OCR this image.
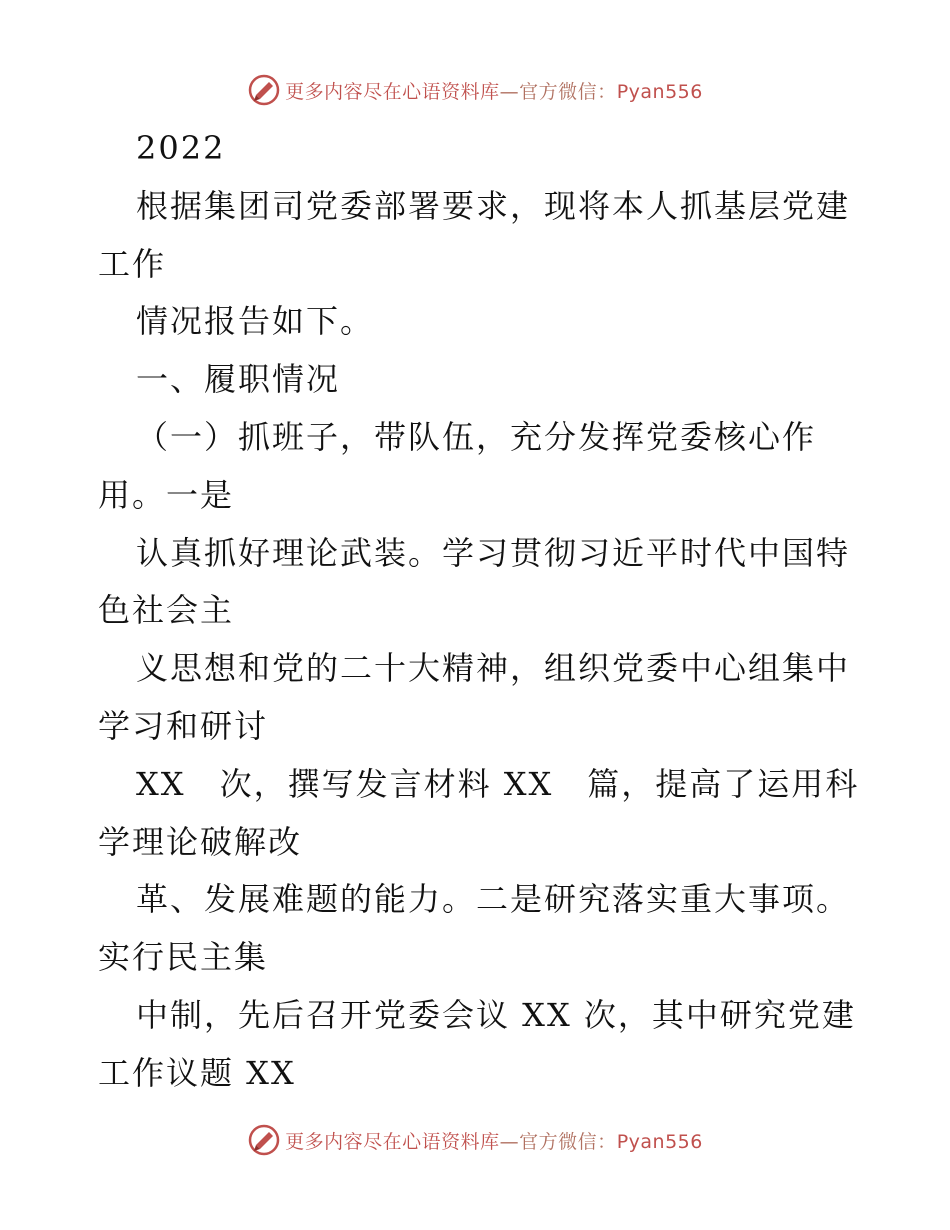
更多内容尽在心语资料库—官方微信：Pyan556
2022
根据集团司党委部署要求，现将本人抓基层党建
工作
情况报告如下。
一、履职情况
（一）抓班子，带队伍，充分发挥党委核心作
用。一是
认真抓好理论武装。学习贯彻习近平时代中国特
色社会主
义思想和党的二十大精神，组织党委中心组集中
学习和研讨
XX　次，撰写发言材料 XX　篇，提高了运用科
学理论破解改
革、发展难题的能力。二是研究落实重大事项。
实行民主集
中制，先后召开党委会议 XX 次，其中研究党建
工作议题 XX
更多内容尽在心语资料库—官方微信：Pyan556
